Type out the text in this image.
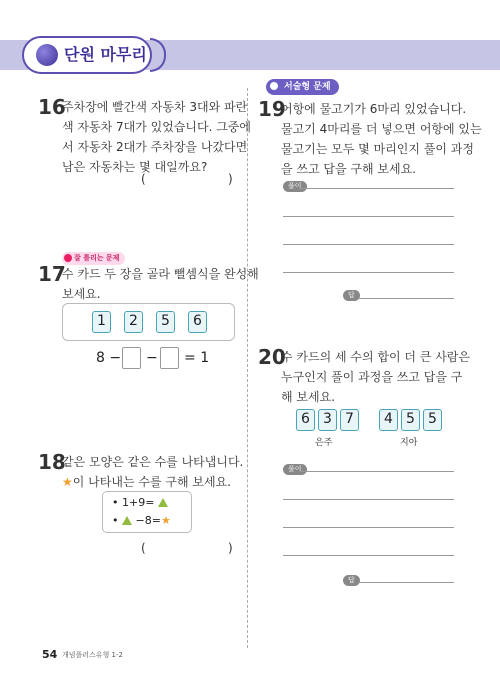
단원 마무리
16
주차장에 빨간색 자동차 3대와 파란
색 자동차 7대가 있었습니다. 그중에
서 자동차 2대가 주차장을 나갔다면
남은 자동차는 몇 대일까요?
(	)
잘 틀리는 문제
17
수 카드 두 장을 골라 뺄셈식을 완성해
보세요.
1	2	5	6
8 − − = 1
18
같은 모양은 같은 수를 나타냅니다.
★이 나타내는 수를 구해 보세요.
• 1+9=
• −8=★
(	)
서술형 문제
19
어항에 물고기가 6마리 있었습니다.
물고기 4마리를 더 넣으면 어항에 있는
물고기는 모두 몇 마리인지 풀이 과정
을 쓰고 답을 구해 보세요.
풀이
답
20
수 카드의 세 수의 합이 더 큰 사람은
누구인지 풀이 과정을 쓰고 답을 구
해 보세요.
6 3 7	4 5 5
은주	지아
풀이
답
54 개념플러스유형 1-2
